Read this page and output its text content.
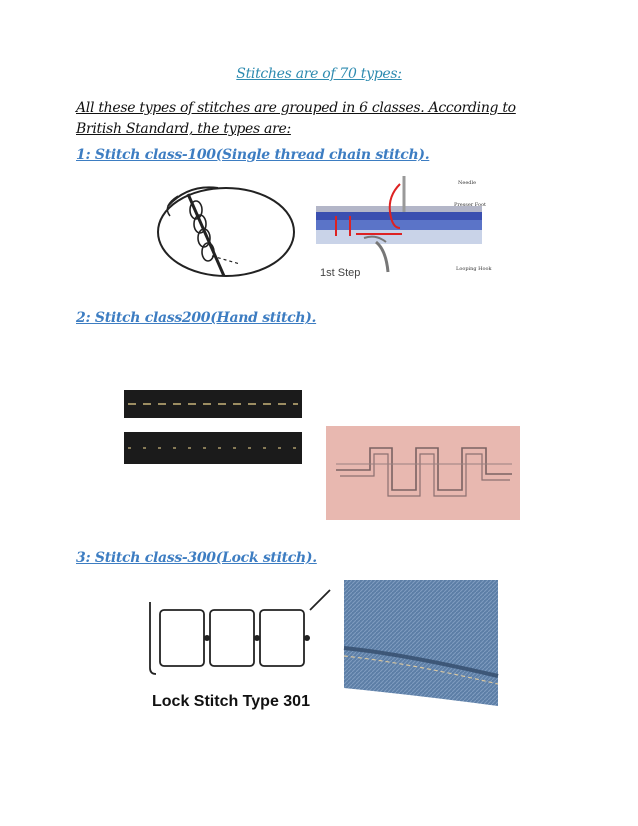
Stitches are of 70 types:
All these types of stitches are grouped in 6 classes. According to British Standard, the types are:
1: Stitch class-100(Single thread chain stitch).
Needle
Presser Foot
Looping Hook
1st Step
2: Stitch class200(Hand stitch).
3: Stitch class-300(Lock stitch).
Lock Stitch Type 301
